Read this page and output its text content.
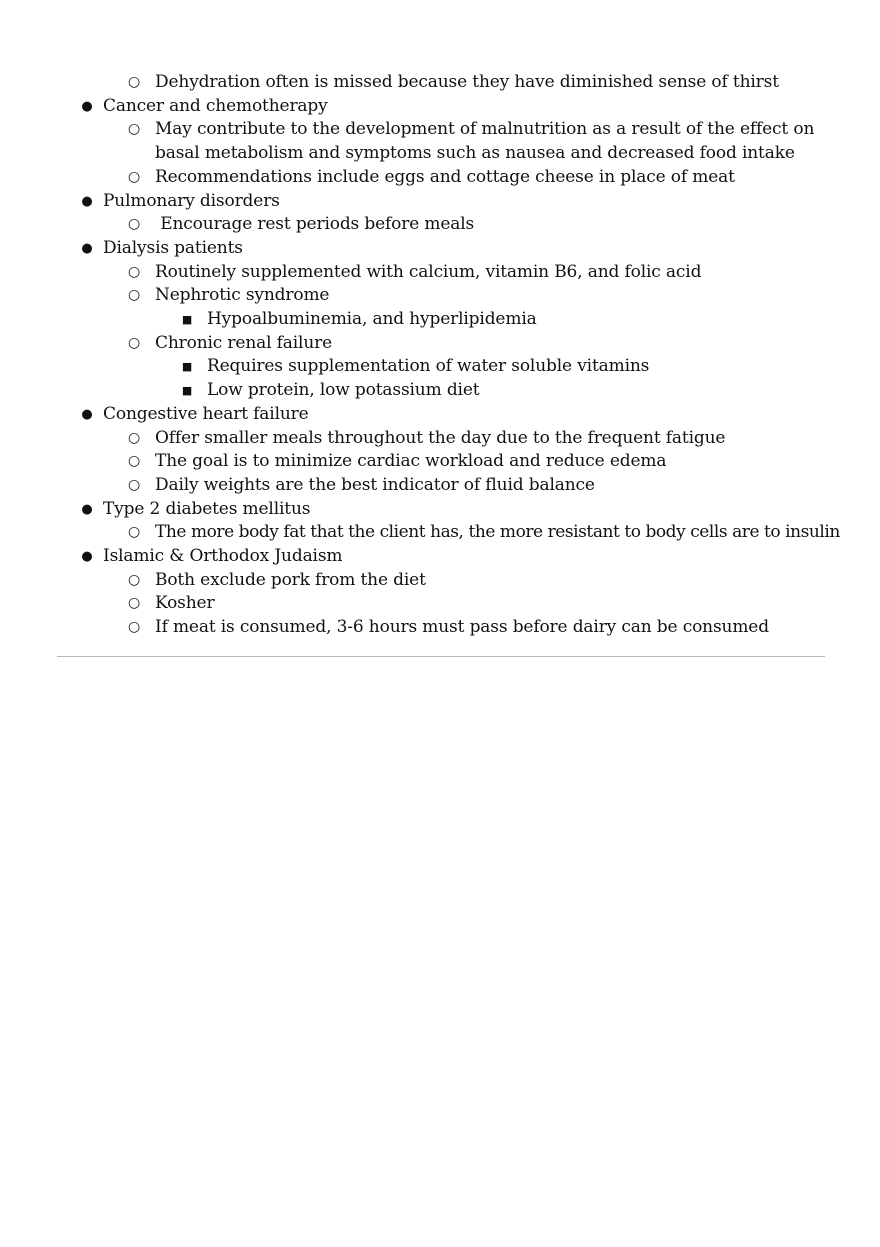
○ Dehydration often is missed because they have diminished sense of thirst
● Cancer and chemotherapy
○ May contribute to the development of malnutrition as a result of the effect on basal metabolism and symptoms such as nausea and decreased food intake
○ Recommendations include eggs and cottage cheese in place of meat
● Pulmonary disorders
○ Encourage rest periods before meals
● Dialysis patients
○ Routinely supplemented with calcium, vitamin B6, and folic acid
○ Nephrotic syndrome
■ Hypoalbuminemia, and hyperlipidemia
○ Chronic renal failure
■ Requires supplementation of water soluble vitamins
■ Low protein, low potassium diet
● Congestive heart failure
○ Offer smaller meals throughout the day due to the frequent fatigue
○ The goal is to minimize cardiac workload and reduce edema
○ Daily weights are the best indicator of fluid balance
● Type 2 diabetes mellitus
○ The more body fat that the client has, the more resistant to body cells are to insulin
● Islamic & Orthodox Judaism
○ Both exclude pork from the diet
○ Kosher
○ If meat is consumed, 3-6 hours must pass before dairy can be consumed
